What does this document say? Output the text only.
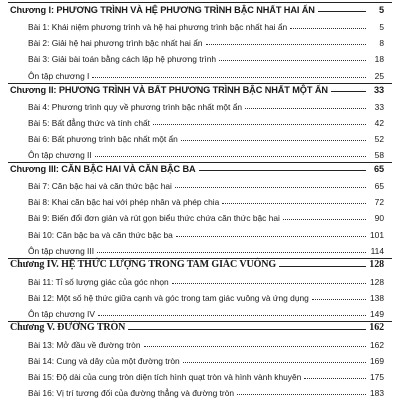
Chương I: PHƯƠNG TRÌNH VÀ HỆ PHƯƠNG TRÌNH BẬC NHẤT HAI ẨN	5
Bài 1: Khái niệm phương trình và hệ hai phương trình bậc nhất hai ẩn	5
Bài 2: Giải hệ hai phương trình bậc nhất hai ẩn	8
Bài 3: Giải bài toán bằng cách lập hệ phương trình	18
Ôn tập chương I	25
Chương II: PHƯƠNG TRÌNH VÀ BẤT PHƯƠNG TRÌNH BẬC NHẤT MỘT ẨN	33
Bài 4: Phương trình quy về phương trình bậc nhất một ẩn	33
Bài 5: Bất đẳng thức và tính chất	42
Bài 6: Bất phương trình bậc nhất một ẩn	52
Ôn tập chương II	58
Chương III: CĂN BẬC HAI VÀ CĂN BẬC BA	65
Bài 7: Căn bậc hai và căn thức bậc hai	65
Bài 8: Khai căn bậc hai với phép nhân và phép chia	72
Bài 9: Biến đổi đơn giản và rút gọn biểu thức chứa căn thức bậc hai	90
Bài 10: Căn bậc ba và căn thức bậc ba	101
Ôn tập chương III	114
Chương IV. HỆ THỨC LƯỢNG TRONG TAM GIÁC VUÔNG	128
Bài 11: Tỉ số lượng giác của góc nhọn	128
Bài 12: Một số hệ thức giữa cạnh và góc trong tam giác vuông và ứng dụng	138
Ôn tập chương IV	149
Chương V. ĐƯỜNG TRÒN	162
Bài 13: Mở đầu về đường tròn	162
Bài 14: Cung và dây của một đường tròn	169
Bài 15: Độ dài của cung tròn diện tích hình quạt tròn và hình vành khuyên	175
Bài 16: Vị trí tương đối của đường thẳng và đường tròn	183
